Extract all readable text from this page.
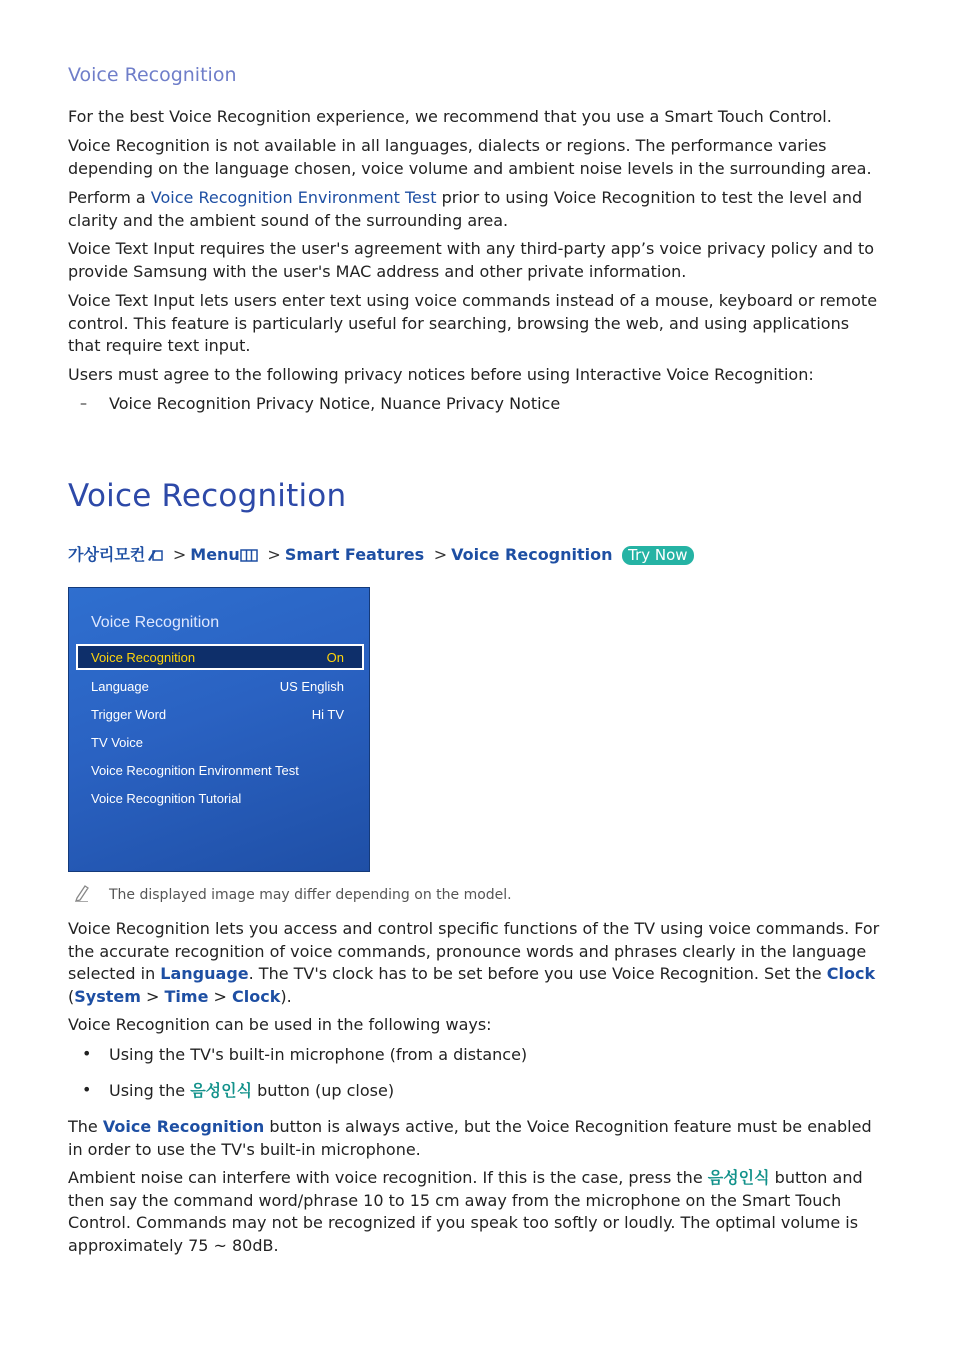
Voice Recognition

For the best Voice Recognition experience, we recommend that you use a Smart Touch Control.

Voice Recognition is not available in all languages, dialects or regions. The performance varies depending on the language chosen, voice volume and ambient noise levels in the surrounding area.

Perform a Voice Recognition Environment Test prior to using Voice Recognition to test the level and clarity and the ambient sound of the surrounding area.

Voice Text Input requires the user's agreement with any third-party app’s voice privacy policy and to provide Samsung with the user's MAC address and other private information.

Voice Text Input lets users enter text using voice commands instead of a mouse, keyboard or remote control. This feature is particularly useful for searching, browsing the web, and using applications that require text input.

Users must agree to the following privacy notices before using Interactive Voice Recognition:

– Voice Recognition Privacy Notice, Nuance Privacy Notice

Voice Recognition
가상리모컨 > Menu > Smart Features > Voice Recognition Try Now
Voice Recognition
Voice Recognition	On
Language	US English
Trigger Word	Hi TV
TV Voice
Voice Recognition Environment Test
Voice Recognition Tutorial
The displayed image may differ depending on the model.

Voice Recognition lets you access and control specific functions of the TV using voice commands. For the accurate recognition of voice commands, pronounce words and phrases clearly in the language selected in Language. The TV's clock has to be set before you use Voice Recognition. Set the Clock (System > Time > Clock).

Voice Recognition can be used in the following ways:

• Using the TV's built-in microphone (from a distance)

• Using the 음성인식 button (up close)

The Voice Recognition button is always active, but the Voice Recognition feature must be enabled in order to use the TV's built-in microphone.

Ambient noise can interfere with voice recognition. If this is the case, press the 음성인식 button and then say the command word/phrase 10 to 15 cm away from the microphone on the Smart Touch Control. Commands may not be recognized if you speak too softly or loudly. The optimal volume is approximately 75 ~ 80dB.
